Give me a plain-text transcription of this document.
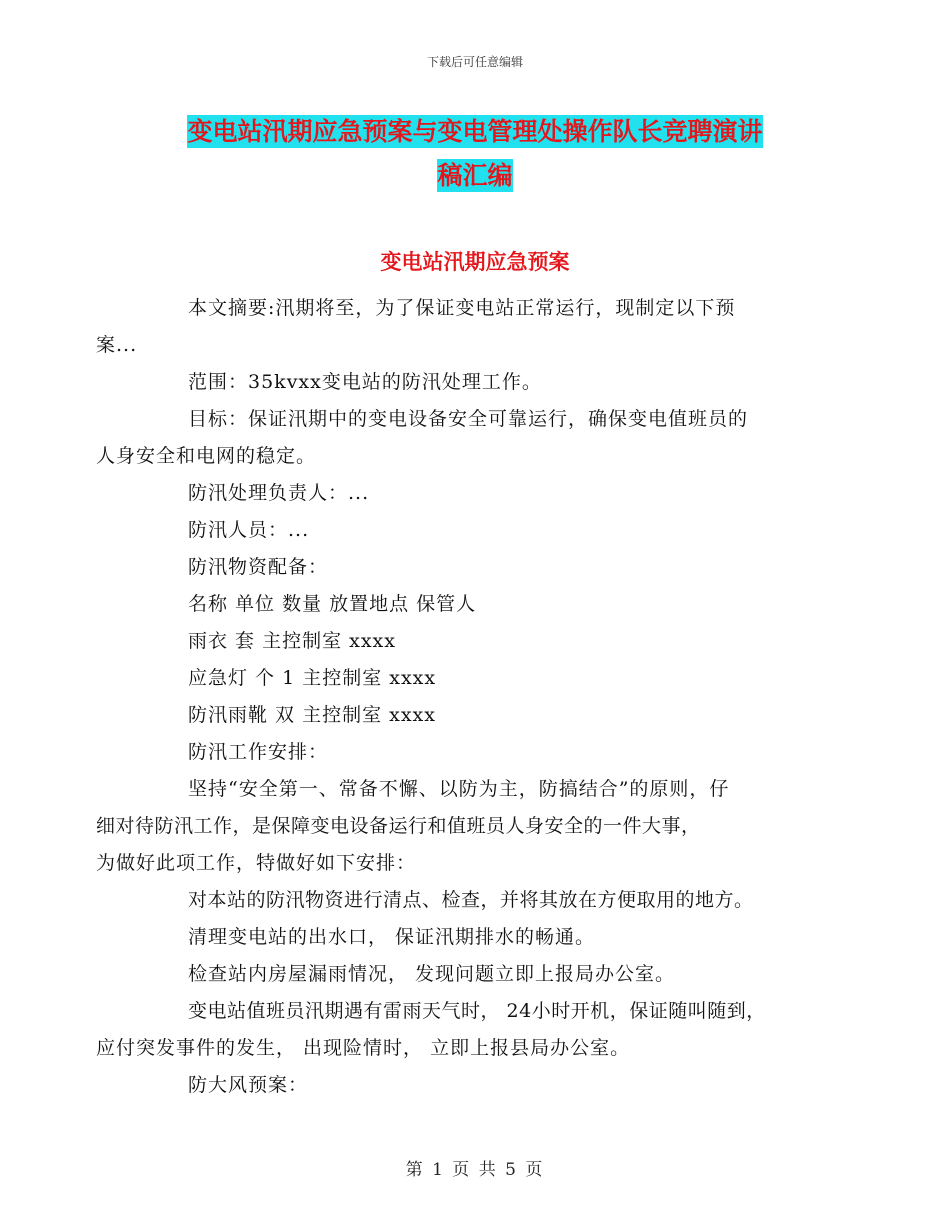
下载后可任意编辑
变电站汛期应急预案与变电管理处操作队长竞聘演讲
稿汇编
变电站汛期应急预案

本文摘要:汛期将至，为了保证变电站正常运行，现制定以下预
案...

范围：35kvxx变电站的防汛处理工作。

目标：保证汛期中的变电设备安全可靠运行，确保变电值班员的
人身安全和电网的稳定。

防汛处理负责人：...

防汛人员：...

防汛物资配备：

名称 单位 数量 放置地点 保管人

雨衣 套 主控制室 xxxx

应急灯 个 1 主控制室 xxxx

防汛雨靴 双 主控制室 xxxx

防汛工作安排：

坚持“安全第一、常备不懈、以防为主，防搞结合”的原则，仔
细对待防汛工作，是保障变电设备运行和值班员人身安全的一件大事，
为做好此项工作，特做好如下安排：

对本站的防汛物资进行清点、检查，并将其放在方便取用的地方。

清理变电站的出水口， 保证汛期排水的畅通。

检查站内房屋漏雨情况， 发现问题立即上报局办公室。

变电站值班员汛期遇有雷雨天气时， 24小时开机，保证随叫随到，
应付突发事件的发生， 出现险情时， 立即上报县局办公室。

防大风预案：

第 1 页 共 5 页
